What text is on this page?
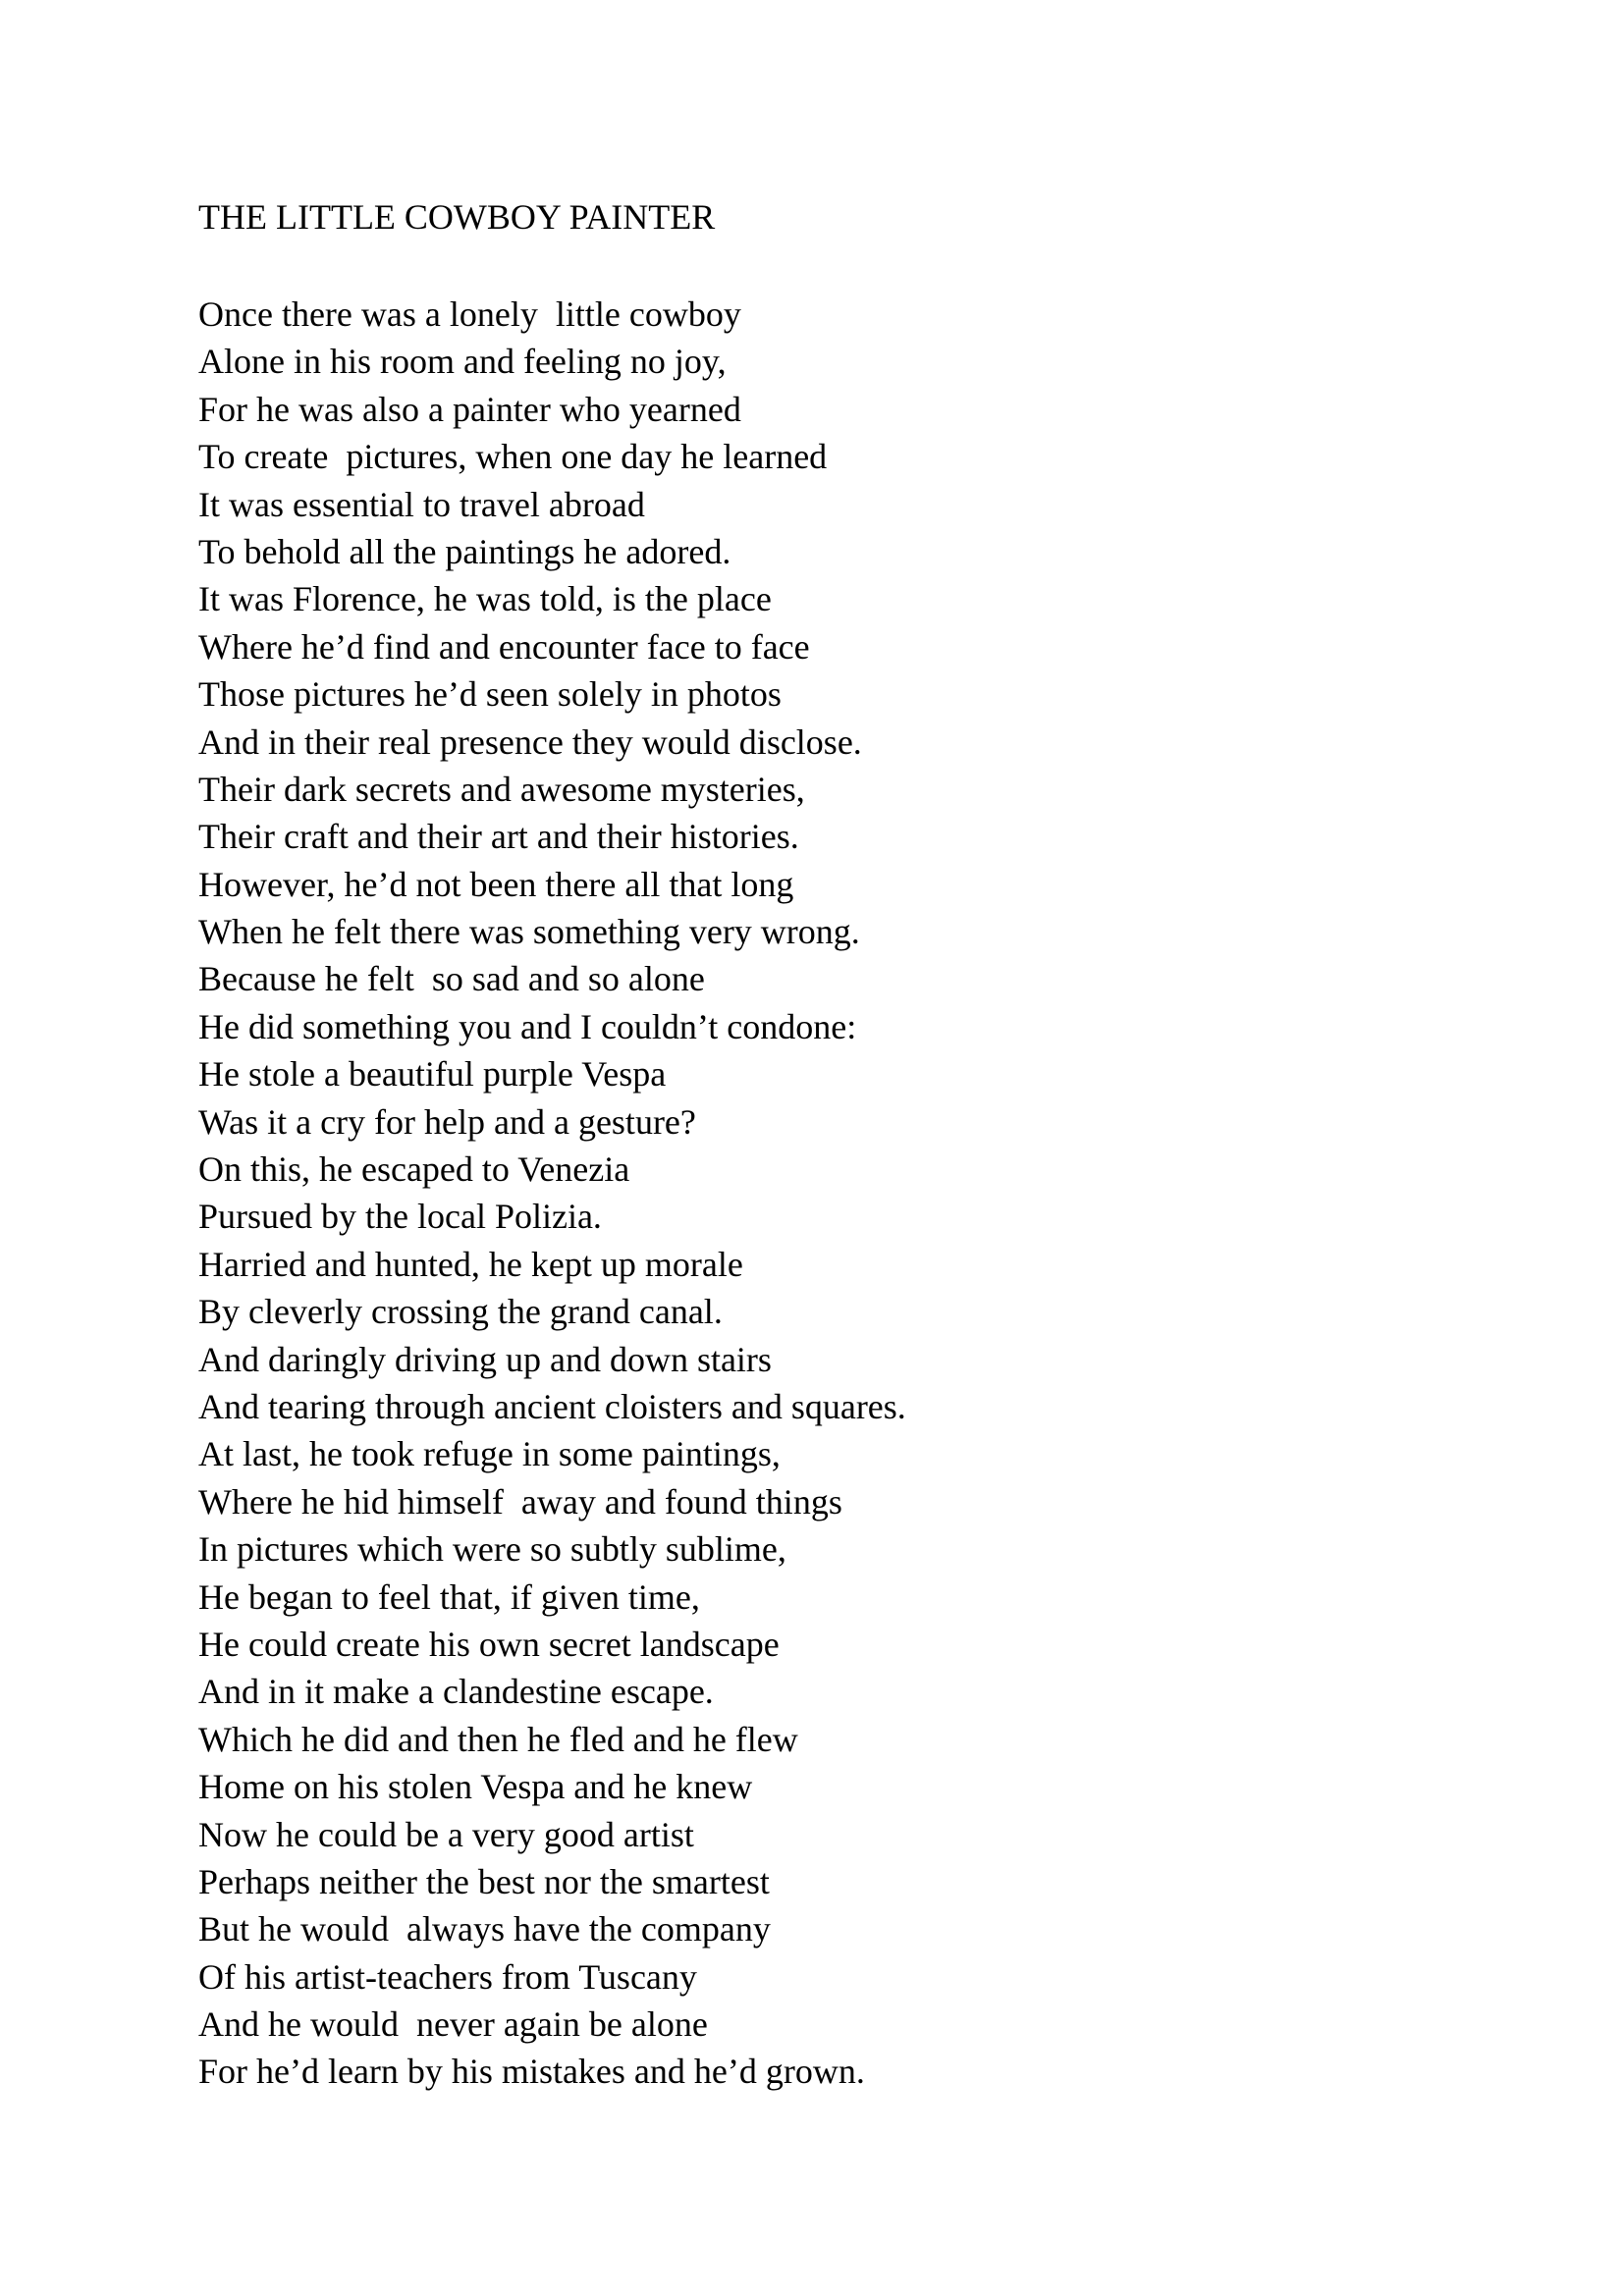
THE LITTLE COWBOY PAINTER
Once there was a lonely  little cowboy
Alone in his room and feeling no joy,
For he was also a painter who yearned
To create  pictures, when one day he learned
It was essential to travel abroad
To behold all the paintings he adored.
It was Florence, he was told, is the place
Where he’d find and encounter face to face
Those pictures he’d seen solely in photos
And in their real presence they would disclose.
Their dark secrets and awesome mysteries,
Their craft and their art and their histories.
However, he’d not been there all that long
When he felt there was something very wrong.
Because he felt  so sad and so alone
He did something you and I couldn’t condone:
He stole a beautiful purple Vespa
Was it a cry for help and a gesture?
On this, he escaped to Venezia
Pursued by the local Polizia.
Harried and hunted, he kept up morale
By cleverly crossing the grand canal.
And daringly driving up and down stairs
And tearing through ancient cloisters and squares.
At last, he took refuge in some paintings,
Where he hid himself  away and found things
In pictures which were so subtly sublime,
He began to feel that, if given time,
He could create his own secret landscape
And in it make a clandestine escape.
Which he did and then he fled and he flew
Home on his stolen Vespa and he knew
Now he could be a very good artist
Perhaps neither the best nor the smartest
But he would  always have the company
Of his artist-teachers from Tuscany
And he would  never again be alone
For he’d learn by his mistakes and he’d grown.
